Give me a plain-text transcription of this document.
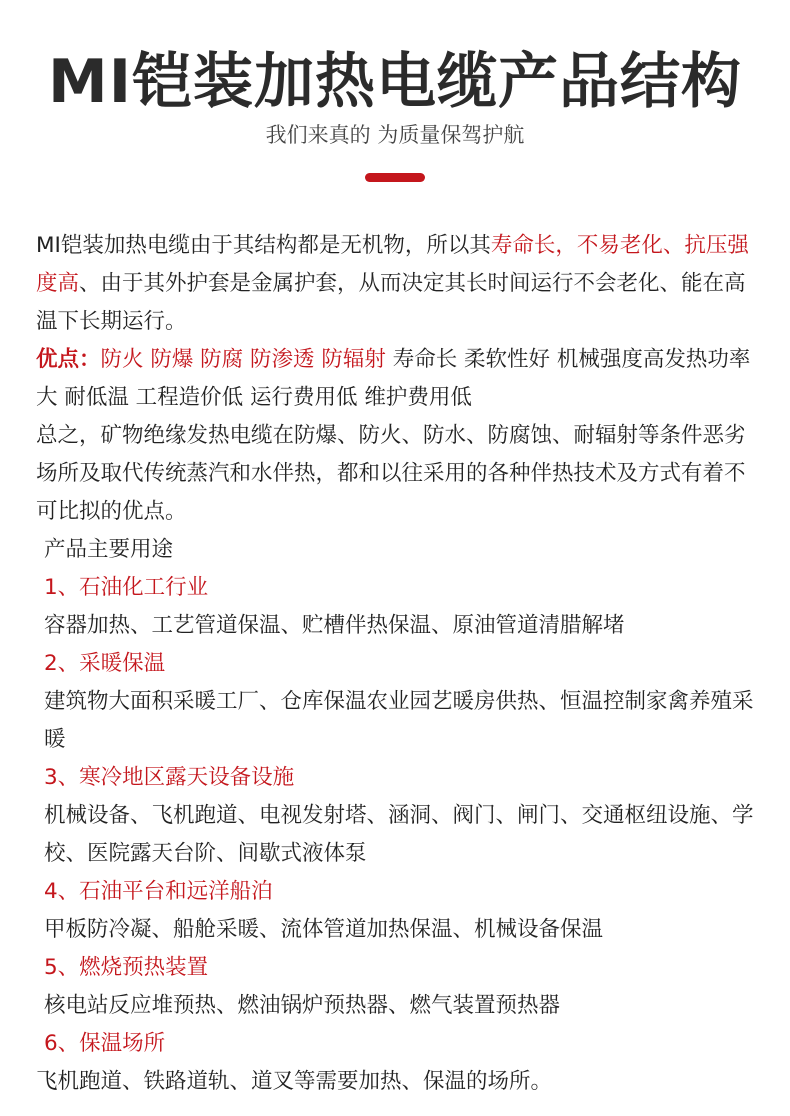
MI铠装加热电缆产品结构
我们来真的 为质量保驾护航

MI铠装加热电缆由于其结构都是无机物，所以其寿命长，不易老化、抗压强度高、由于其外护套是金属护套，从而决定其长时间运行不会老化、能在高温下长期运行。

优点：防火 防爆 防腐 防渗透 防辐射 寿命长 柔软性好 机械强度高发热功率大 耐低温 工程造价低 运行费用低 维护费用低

总之，矿物绝缘发热电缆在防爆、防火、防水、防腐蚀、耐辐射等条件恶劣场所及取代传统蒸汽和水伴热，都和以往采用的各种伴热技术及方式有着不可比拟的优点。

产品主要用途

1、石油化工行业

容器加热、工艺管道保温、贮槽伴热保温、原油管道清腊解堵

2、采暖保温

建筑物大面积采暖工厂、仓库保温农业园艺暖房供热、恒温控制家禽养殖采暖

3、寒冷地区露天设备设施

机械设备、飞机跑道、电视发射塔、涵洞、阀门、闸门、交通枢纽设施、学校、医院露天台阶、间歇式液体泵

4、石油平台和远洋船泊

甲板防冷凝、船舱采暖、流体管道加热保温、机械设备保温

5、燃烧预热装置

核电站反应堆预热、燃油锅炉预热器、燃气装置预热器

6、保温场所

飞机跑道、铁路道轨、道叉等需要加热、保温的场所。
